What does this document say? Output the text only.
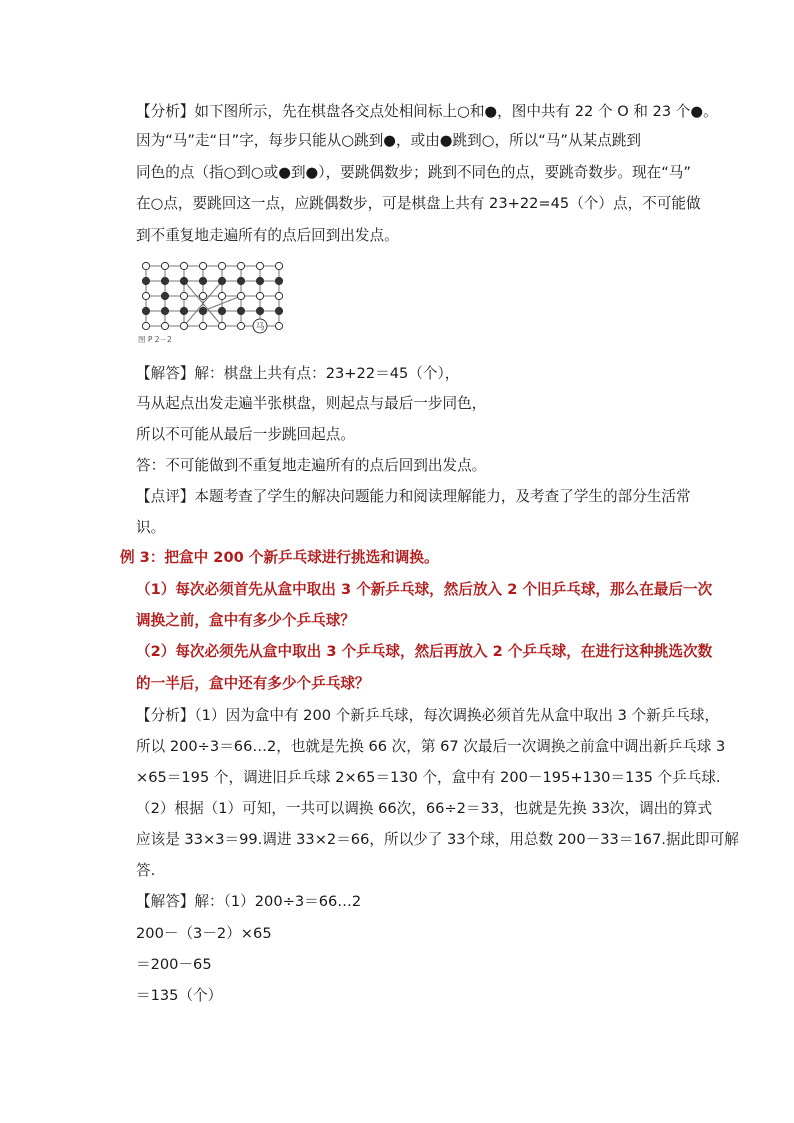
【分析】如下图所示，先在棋盘各交点处相间标上○和●，图中共有 22 个 O 和 23 个●。
因为“马”走“日”字，每步只能从○跳到●，或由●跳到○，所以“马”从某点跳到
同色的点（指○到○或●到●），要跳偶数步；跳到不同色的点，要跳奇数步。现在“马”
在○点，要跳回这一点，应跳偶数步，可是棋盘上共有 23+22=45（个）点，不可能做
到不重复地走遍所有的点后回到出发点。
马
图 P 2－2
【解答】解：棋盘上共有点：23+22＝45（个），
马从起点出发走遍半张棋盘，则起点与最后一步同色，
所以不可能从最后一步跳回起点。
答：不可能做到不重复地走遍所有的点后回到出发点。
【点评】本题考查了学生的解决问题能力和阅读理解能力，及考查了学生的部分生活常
识。
例 3：把盒中 200 个新乒乓球进行挑选和调换。
（1）每次必须首先从盒中取出 3 个新乒乓球，然后放入 2 个旧乒乓球，那么在最后一次
调换之前，盒中有多少个乒乓球？
（2）每次必须先从盒中取出 3 个乒乓球，然后再放入 2 个乒乓球，在进行这种挑选次数
的一半后，盒中还有多少个乒乓球？
【分析】（1）因为盒中有 200 个新乒乓球，每次调换必须首先从盒中取出 3 个新乒乓球，
所以 200÷3＝66…2，也就是先换 66 次，第 67 次最后一次调换之前盒中调出新乒乓球 3
×65＝195 个，调进旧乒乓球 2×65＝130 个，盒中有 200－195+130＝135 个乒乓球.
（2）根据（1）可知，一共可以调换 66次，66÷2＝33，也就是先换 33次，调出的算式
应该是 33×3＝99.调进 33×2＝66，所以少了 33个球，用总数 200－33＝167.据此即可解
答.
【解答】解：（1）200÷3＝66…2
200－（3－2）×65
＝200－65
＝135（个）
